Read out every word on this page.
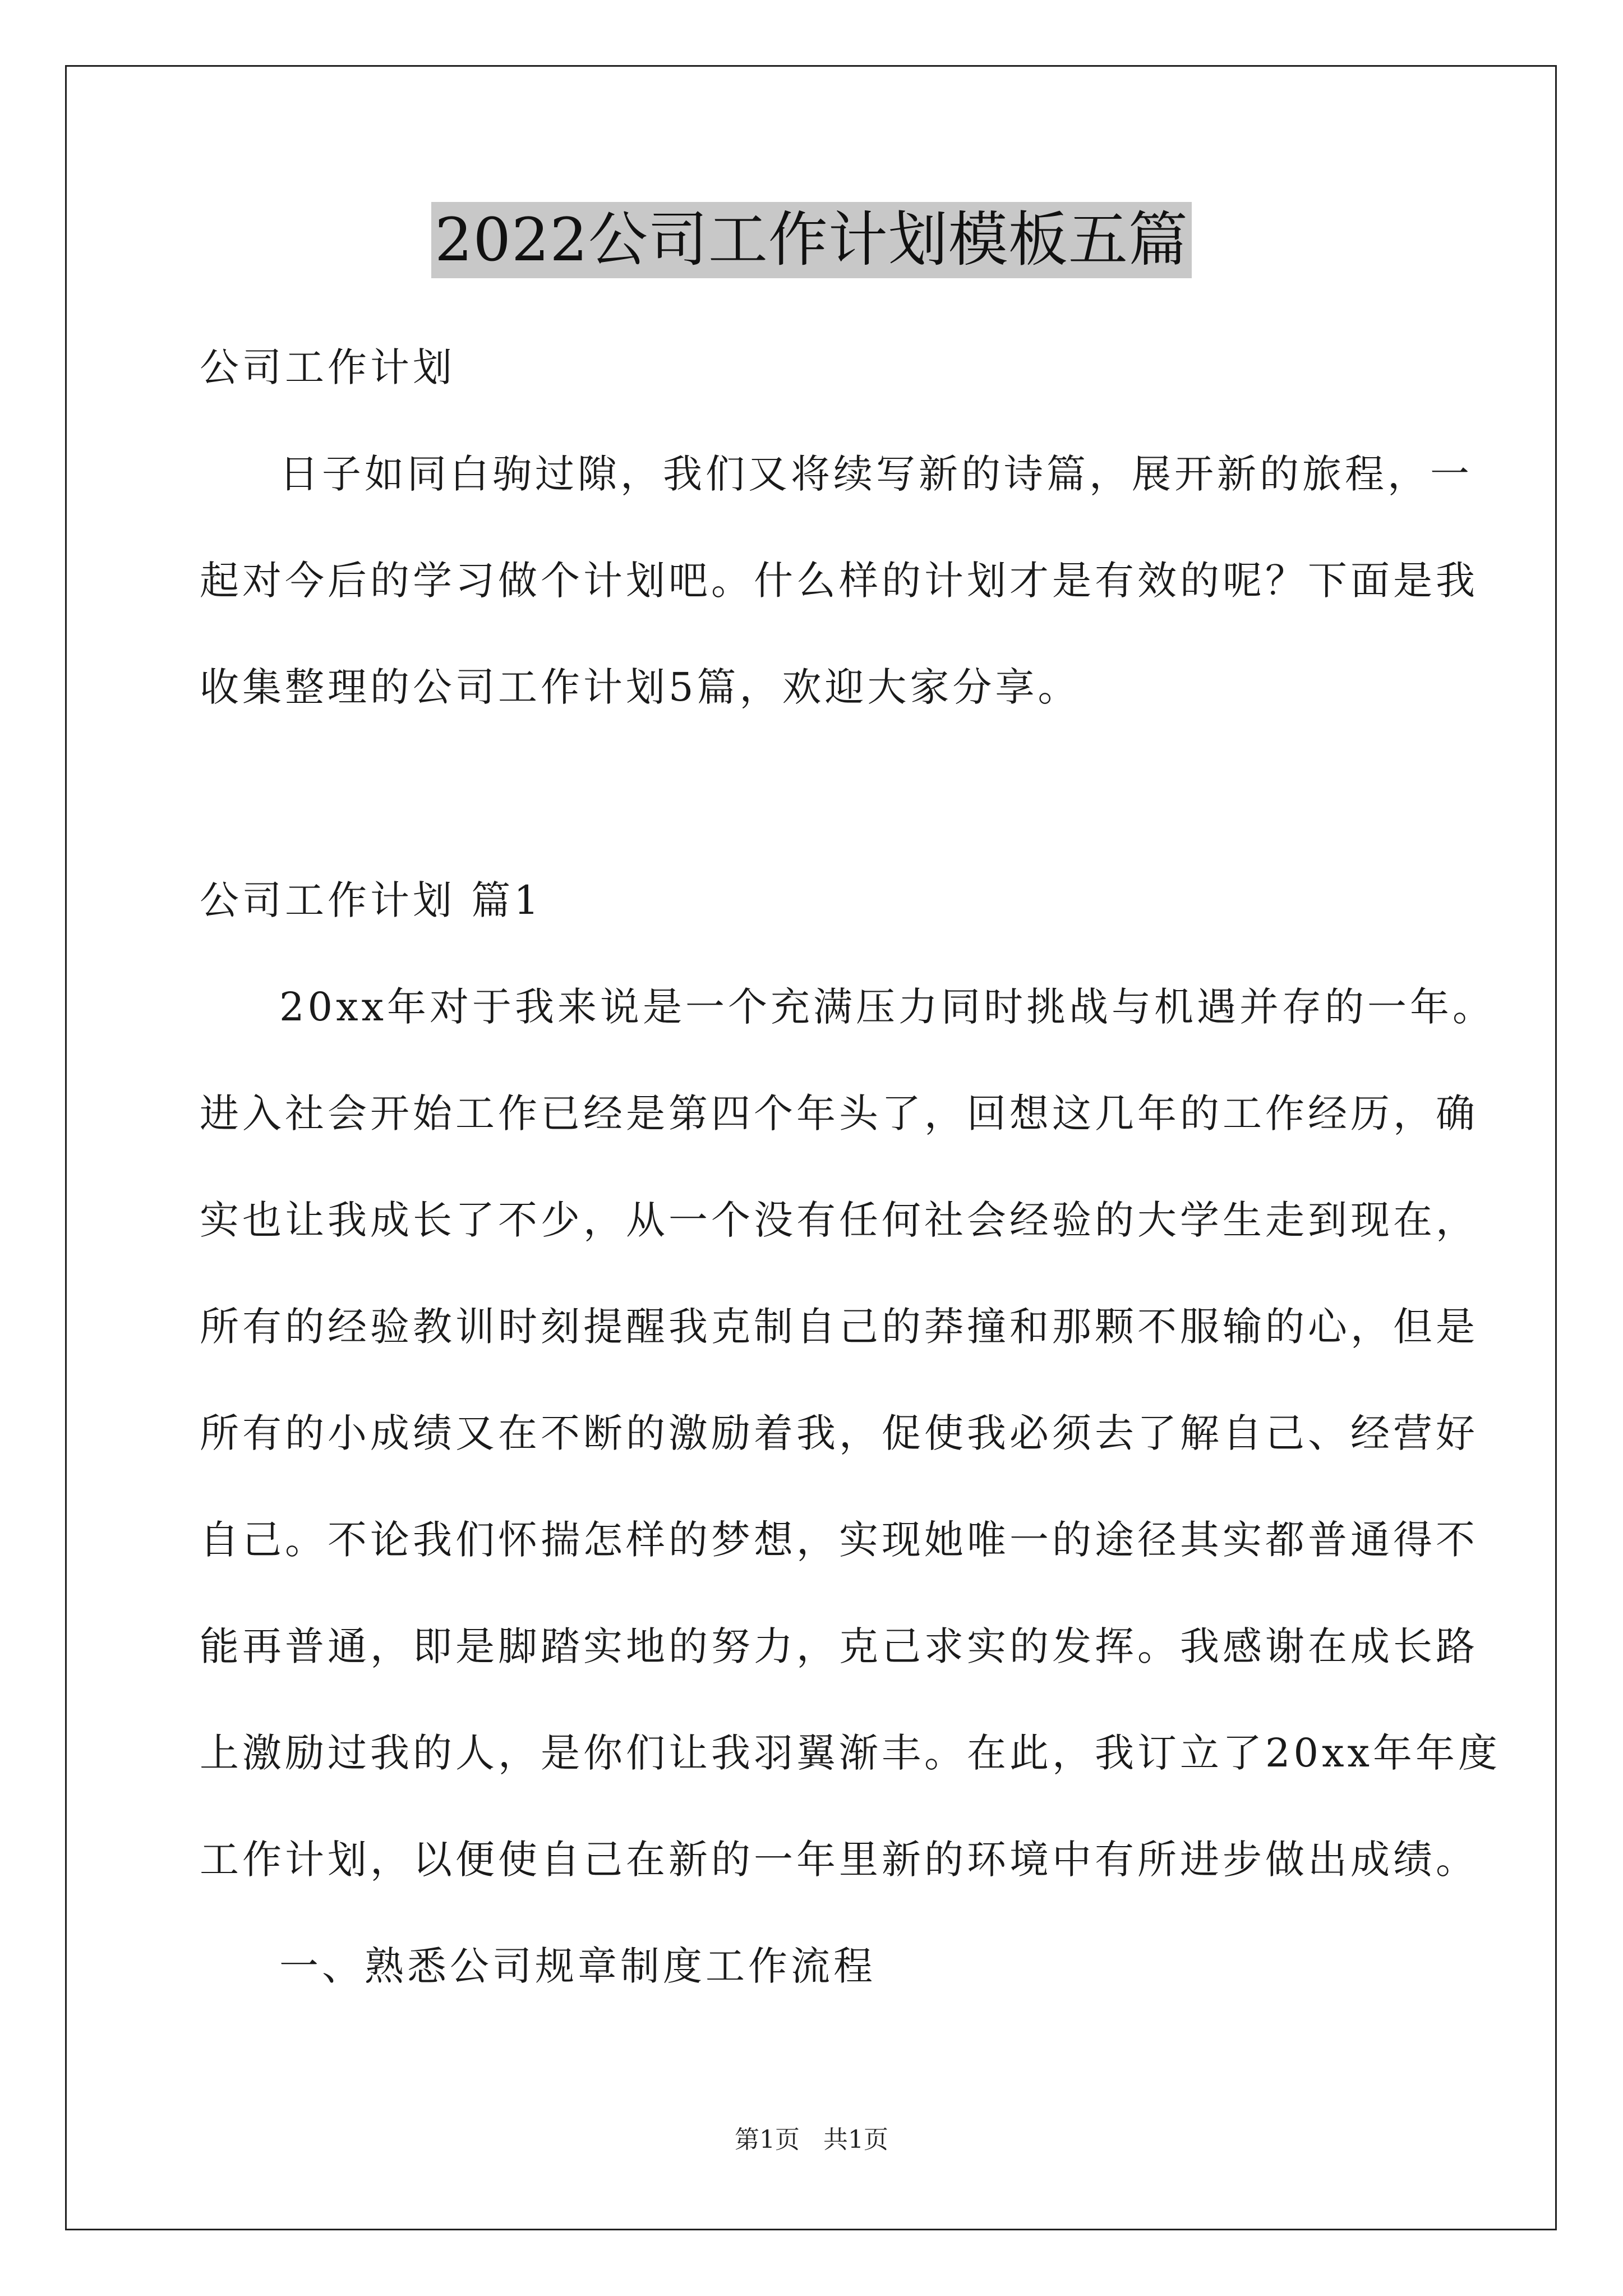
2022公司工作计划模板五篇
公司工作计划
日子如同白驹过隙，我们又将续写新的诗篇，展开新的旅程，一
起对今后的学习做个计划吧。什么样的计划才是有效的呢？下面是我
收集整理的公司工作计划5篇，欢迎大家分享。
公司工作计划 篇1
20xx年对于我来说是一个充满压力同时挑战与机遇并存的一年。
进入社会开始工作已经是第四个年头了，回想这几年的工作经历，确
实也让我成长了不少，从一个没有任何社会经验的大学生走到现在，
所有的经验教训时刻提醒我克制自己的莽撞和那颗不服输的心，但是
所有的小成绩又在不断的激励着我，促使我必须去了解自己、经营好
自己。不论我们怀揣怎样的梦想，实现她唯一的途径其实都普通得不
能再普通，即是脚踏实地的努力，克己求实的发挥。我感谢在成长路
上激励过我的人，是你们让我羽翼渐丰。在此，我订立了20xx年年度
工作计划，以便使自己在新的一年里新的环境中有所进步做出成绩。
一、熟悉公司规章制度工作流程
第1页 共1页
